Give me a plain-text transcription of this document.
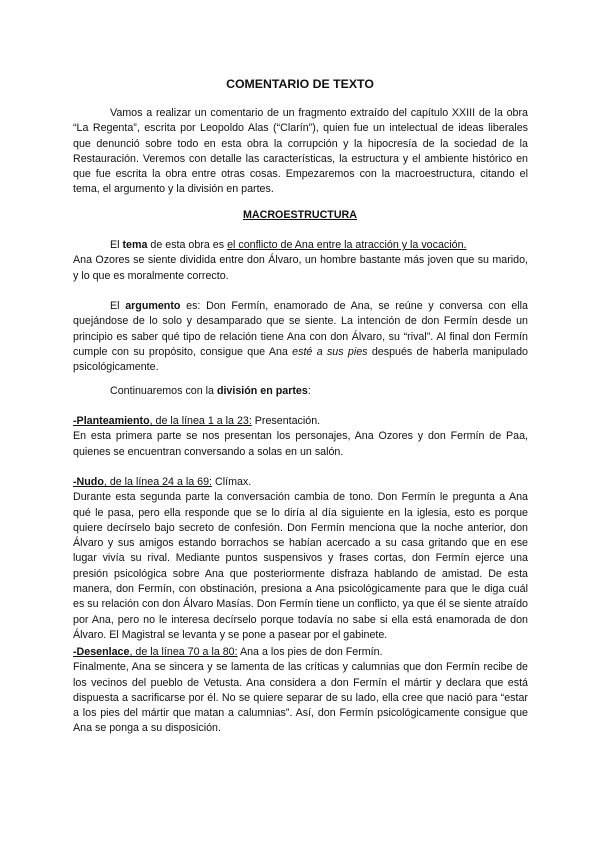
COMENTARIO DE TEXTO

Vamos a realizar un comentario de un fragmento extraído del capítulo XXIII de la obra “La Regenta”, escrita por Leopoldo Alas (“Clarín”), quien fue un intelectual de ideas liberales que denunció sobre todo en esta obra la corrupción y la hipocresía de la sociedad de la Restauración. Veremos con detalle las características, la estructura y el ambiente histórico en que fue escrita la obra entre otras cosas. Empezaremos con la macroestructura, citando el tema, el argumento y la división en partes.

MACROESTRUCTURA

El tema de esta obra es el conflicto de Ana entre la atracción y la vocación.

Ana Ozores se siente dividida entre don Álvaro, un hombre bastante más joven que su marido, y lo que es moralmente correcto.

El argumento es: Don Fermín, enamorado de Ana, se reúne y conversa con ella quejándose de lo solo y desamparado que se siente. La intención de don Fermín desde un principio es saber qué tipo de relación tiene Ana con don Álvaro, su “rival”. Al final don Fermín cumple con su propósito, consigue que Ana esté a sus pies después de haberla manipulado psicológicamente.

Continuaremos con la división en partes:

-Planteamiento, de la línea 1 a la 23: Presentación.

En esta primera parte se nos presentan los personajes, Ana Ozores y don Fermín de Paa, quienes se encuentran conversando a solas en un salón.

-Nudo, de la línea 24 a la 69: Clímax.

Durante esta segunda parte la conversación cambia de tono. Don Fermín le pregunta a Ana qué le pasa, pero ella responde que se lo diría al día siguiente en la iglesia, esto es porque quiere decírselo bajo secreto de confesión. Don Fermín menciona que la noche anterior, don Álvaro y sus amigos estando borrachos se habían acercado a su casa gritando que en ese lugar vivía su rival. Mediante puntos suspensivos y frases cortas, don Fermín ejerce una presión psicológica sobre Ana que posteriormente disfraza hablando de amistad. De esta manera, don Fermín, con obstinación, presiona a Ana psicológicamente para que le diga cuál es su relación con don Álvaro Masías. Don Fermín tiene un conflicto, ya que él se siente atraído por Ana, pero no le interesa decírselo porque todavía no sabe si ella está enamorada de don Álvaro. El Magistral se levanta y se pone a pasear por el gabinete.

-Desenlace, de la línea 70 a la 80: Ana a los pies de don Fermín.

Finalmente, Ana se sincera y se lamenta de las críticas y calumnias que don Fermín recibe de los vecinos del pueblo de Vetusta. Ana considera a don Fermín el mártir y declara que está dispuesta a sacrificarse por él. No se quiere separar de su lado, ella cree que nació para “estar a los pies del mártir que matan a calumnias”. Así, don Fermín psicológicamente consigue que Ana se ponga a su disposición.
